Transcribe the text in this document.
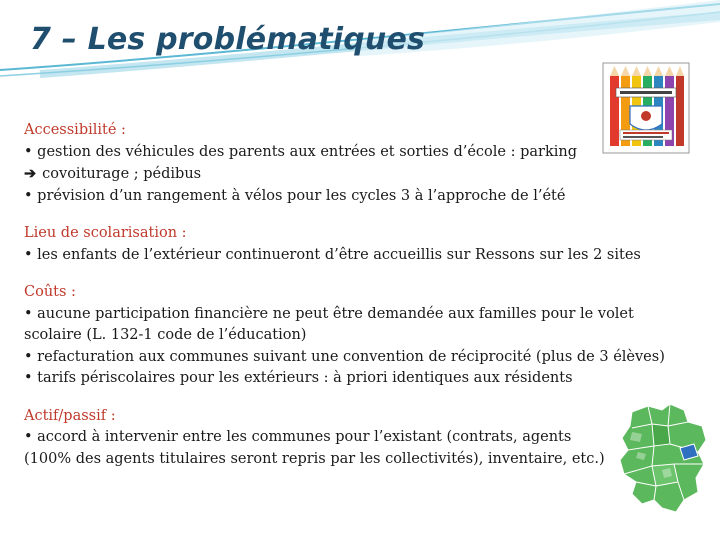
7 – Les problématiques
Accessibilité :
• gestion des véhicules des parents aux entrées et sorties d’école : parking
➔ covoiturage ; pédibus
• prévision d’un rangement à vélos pour les cycles 3 à l’approche de l’été
Lieu de scolarisation :
• les enfants de l’extérieur continueront d’être accueillis sur Ressons sur les 2 sites
Coûts :
• aucune participation financière ne peut être demandée aux familles pour le volet scolaire (L. 132-1 code de l’éducation)
• refacturation aux communes suivant une convention de réciprocité (plus de 3 élèves)
• tarifs périscolaires pour les extérieurs : à priori identiques aux résidents
Actif/passif :
• accord à intervenir entre les communes pour l’existant (contrats, agents
(100% des agents titulaires seront repris par les collectivités), inventaire, etc.)
